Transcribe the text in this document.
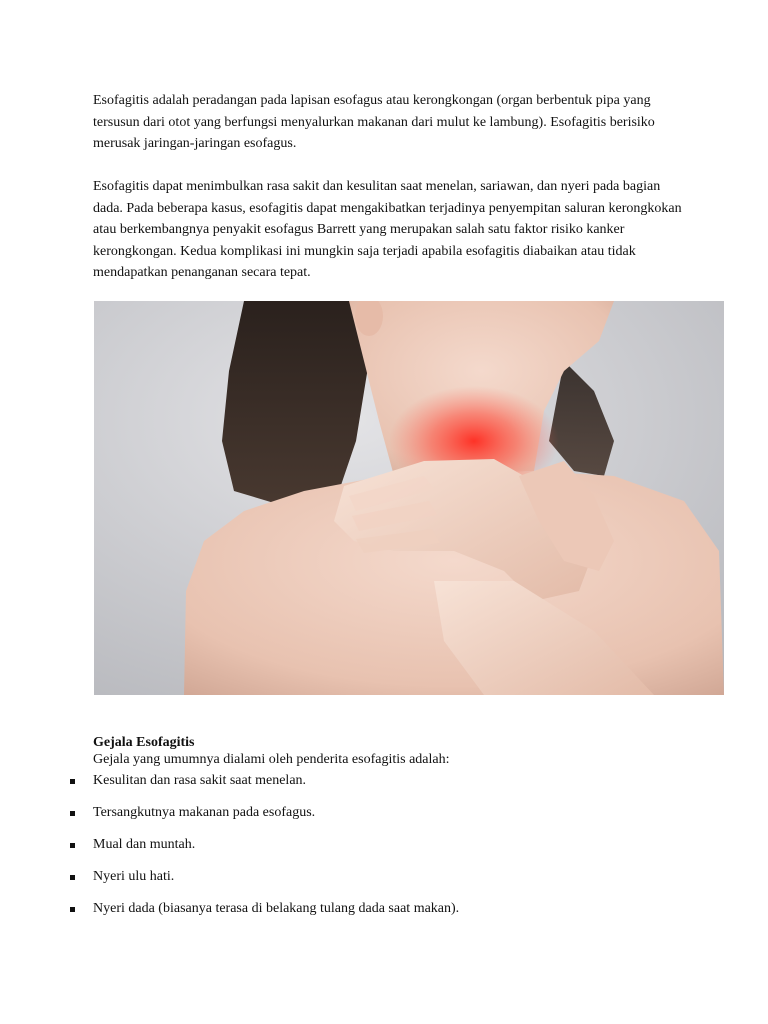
Esofagitis adalah peradangan pada lapisan esofagus atau kerongkongan (organ berbentuk pipa yang tersusun dari otot yang berfungsi menyalurkan makanan dari mulut ke lambung). Esofagitis berisiko merusak jaringan-jaringan esofagus.

Esofagitis dapat menimbulkan rasa sakit dan kesulitan saat menelan, sariawan, dan nyeri pada bagian dada. Pada beberapa kasus, esofagitis dapat mengakibatkan terjadinya penyempitan saluran kerongkokan atau berkembangnya penyakit esofagus Barrett yang merupakan salah satu faktor risiko kanker kerongkongan. Kedua komplikasi ini mungkin saja terjadi apabila esofagitis diabaikan atau tidak mendapatkan penanganan secara tepat.

Gejala Esofagitis

Gejala yang umumnya dialami oleh penderita esofagitis adalah:

Kesulitan dan rasa sakit saat menelan.
Tersangkutnya makanan pada esofagus.
Mual dan muntah.
Nyeri ulu hati.
Nyeri dada (biasanya terasa di belakang tulang dada saat makan).
